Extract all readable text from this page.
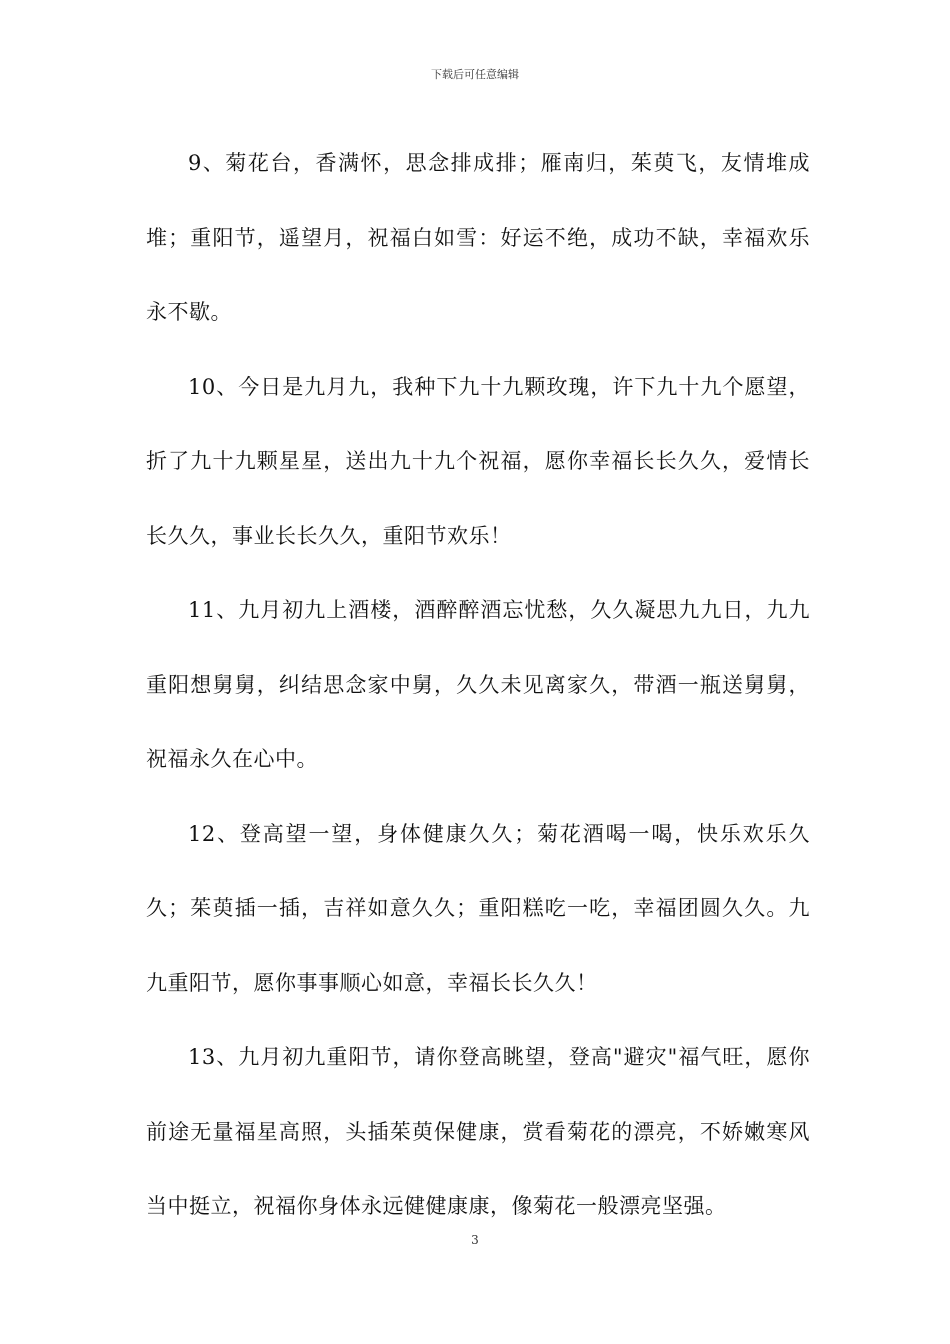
下载后可任意编辑

9、菊花台，香满怀，思念排成排；雁南归，茱萸飞，友情堆成堆；重阳节，遥望月，祝福白如雪：好运不绝，成功不缺，幸福欢乐永不歇。

10、今日是九月九，我种下九十九颗玫瑰，许下九十九个愿望，折了九十九颗星星，送出九十九个祝福，愿你幸福长长久久，爱情长长久久，事业长长久久，重阳节欢乐！

11、九月初九上酒楼，酒醉醉酒忘忧愁，久久凝思九九日，九九重阳想舅舅，纠结思念家中舅，久久未见离家久，带酒一瓶送舅舅，祝福永久在心中。

12、登高望一望，身体健康久久；菊花酒喝一喝，快乐欢乐久久；茱萸插一插，吉祥如意久久；重阳糕吃一吃，幸福团圆久久。九九重阳节，愿你事事顺心如意，幸福长长久久！

13、九月初九重阳节，请你登高眺望，登高"避灾"福气旺，愿你前途无量福星高照，头插茱萸保健康，赏看菊花的漂亮，不娇嫩寒风当中挺立，祝福你身体永远健健康康，像菊花一般漂亮坚强。

3
